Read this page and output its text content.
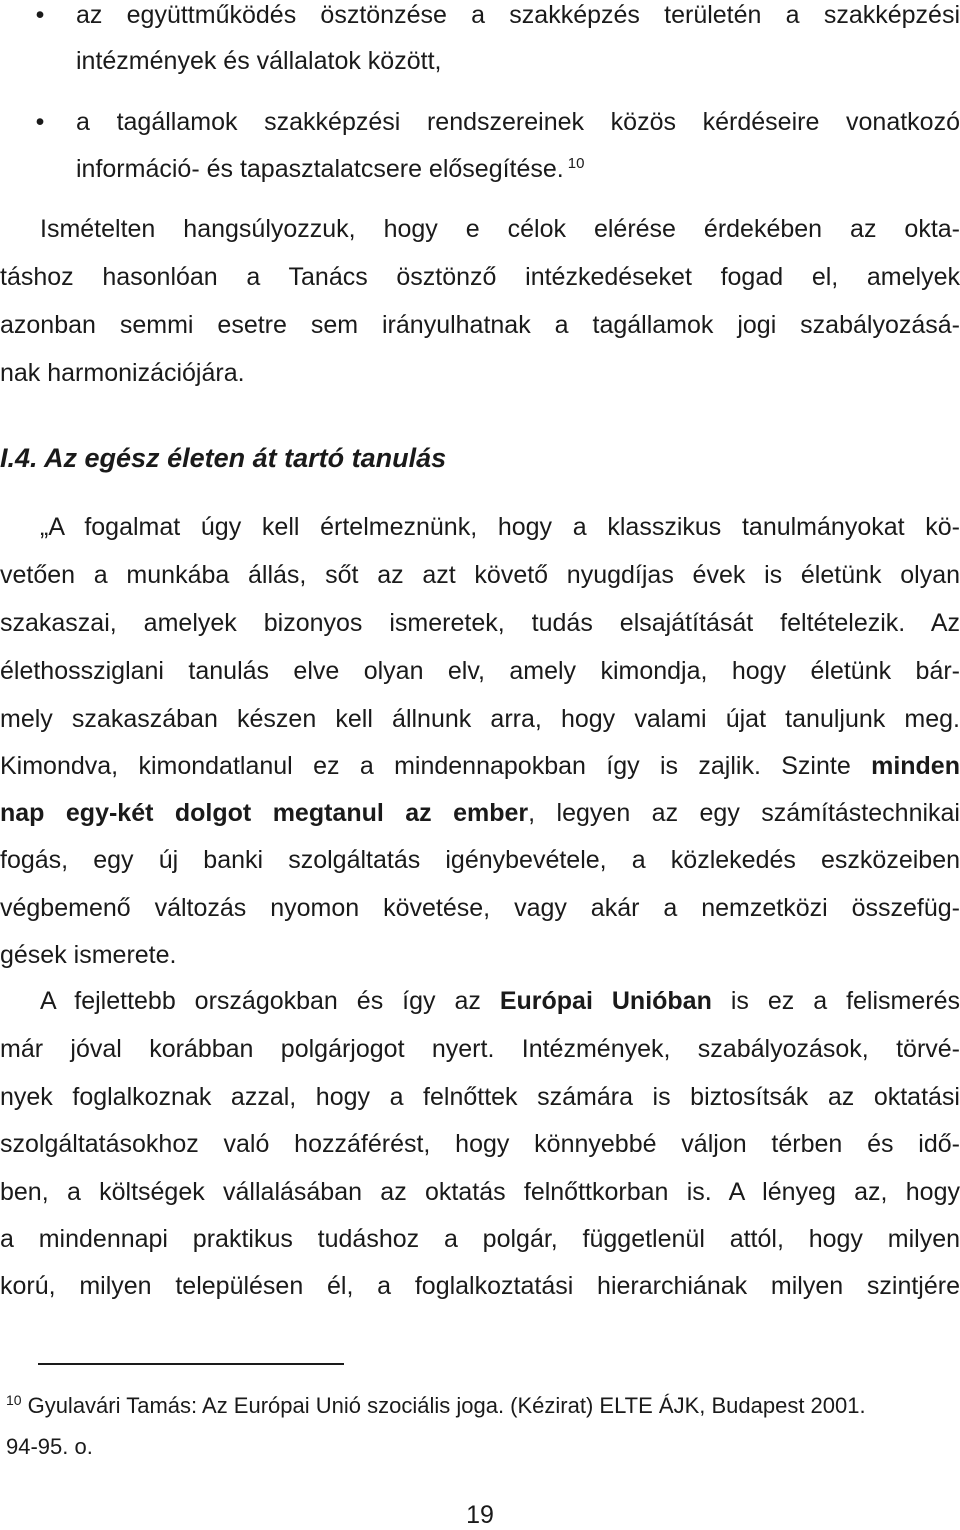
• az együttműködés ösztönzése a szakképzés területén a szakképzési
intézmények és vállalatok között,
• a tagállamok szakképzési rendszereinek közös kérdéseire vonatkozó
információ- és tapasztalatcsere elősegítése. $^{10}$
Ismételten hangsúlyozzuk, hogy e célok elérése érdekében az okta-
táshoz hasonlóan a Tanács ösztönző intézkedéseket fogad el, amelyek
azonban semmi esetre sem irányulhatnak a tagállamok jogi szabályozásá-
nak harmonizációjára.
I.4. Az egész életen át tartó tanulás
„A fogalmat úgy kell értelmeznünk, hogy a klasszikus tanulmányokat kö-
vetően a munkába állás, sőt az azt követő nyugdíjas évek is életünk olyan
szakaszai, amelyek bizonyos ismeretek, tudás elsajátítását feltételezik. Az
élethossziglani tanulás elve olyan elv, amely kimondja, hogy életünk bár-
mely szakaszában készen kell állnunk arra, hogy valami újat tanuljunk meg.
Kimondva, kimondatlanul ez a mindennapokban így is zajlik. Szinte minden
nap egy-két dolgot megtanul az ember, legyen az egy számítástechnikai
fogás, egy új banki szolgáltatás igénybevétele, a közlekedés eszközeiben
végbemenő változás nyomon követése, vagy akár a nemzetközi összefüg-
gések ismerete.
A fejlettebb országokban és így az Európai Unióban is ez a felismerés
már jóval korábban polgárjogot nyert. Intézmények, szabályozások, törvé-
nyek foglalkoznak azzal, hogy a felnőttek számára is biztosítsák az oktatási
szolgáltatásokhoz való hozzáférést, hogy könnyebbé váljon térben és idő-
ben, a költségek vállalásában az oktatás felnőttkorban is. A lényeg az, hogy
a mindennapi praktikus tudáshoz a polgár, függetlenül attól, hogy milyen
korú, milyen településen él, a foglalkoztatási hierarchiának milyen szintjére
$^{10}$ Gyulavári Tamás: Az Európai Unió szociális joga. (Kézirat) ELTE ÁJK, Budapest 2001.
94-95. o.
19
